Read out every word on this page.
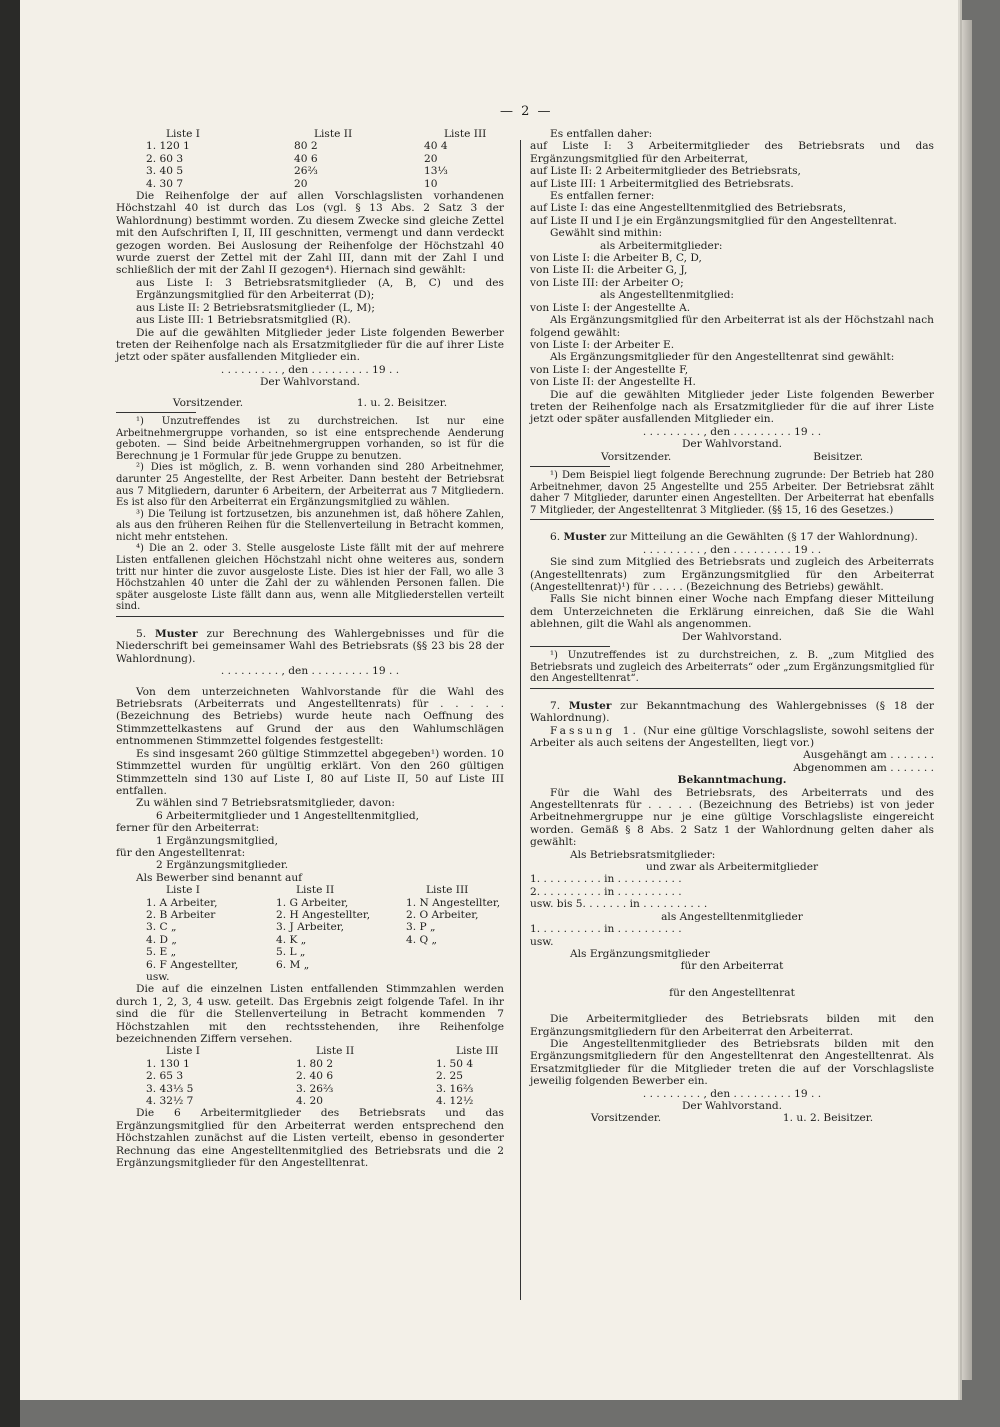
— 2 —
Liste I	Liste II	Liste III
1. 120 1	80 2	40 4
2. 60 3	40 6	20
3. 40 5	26⅔	13⅓
4. 30 7	20	10

Die Reihenfolge der auf allen Vorschlagslisten vorhandenen Höchstzahl 40 ist durch das Los (vgl. § 13 Abs. 2 Satz 3 der Wahlordnung) bestimmt worden. Zu diesem Zwecke sind gleiche Zettel mit den Aufschriften I, II, III geschnitten, vermengt und dann verdeckt gezogen worden. Bei Auslosung der Reihenfolge der Höchstzahl 40 wurde zuerst der Zettel mit der Zahl III, dann mit der Zahl I und schließlich der mit der Zahl II gezogen⁴). Hiernach sind gewählt:

aus Liste I: 3 Betriebsratsmitglieder (A, B, C) und des Ergänzungsmitglied für den Arbeiterrat (D);

aus Liste II: 2 Betriebsratsmitglieder (L, M);

aus Liste III: 1 Betriebsratsmitglied (R).

Die auf die gewählten Mitglieder jeder Liste folgenden Bewerber treten der Reihenfolge nach als Ersatzmitglieder für die auf ihrer Liste jetzt oder später ausfallenden Mitglieder ein.

. . . . . . . . . , den . . . . . . . . . 19 . .

Der Wahlvorstand.

Vorsitzender.	1. u. 2. Beisitzer.

¹) Unzutreffendes ist zu durchstreichen. Ist nur eine Arbeitnehmergruppe vorhanden, so ist eine entsprechende Aenderung geboten. — Sind beide Arbeitnehmergruppen vorhanden, so ist für die Berechnung je 1 Formular für jede Gruppe zu benutzen.

²) Dies ist möglich, z. B. wenn vorhanden sind 280 Arbeitnehmer, darunter 25 Angestellte, der Rest Arbeiter. Dann besteht der Betriebsrat aus 7 Mitgliedern, darunter 6 Arbeitern, der Arbeiterrat aus 7 Mitgliedern. Es ist also für den Arbeiterrat ein Ergänzungsmitglied zu wählen.

³) Die Teilung ist fortzusetzen, bis anzunehmen ist, daß höhere Zahlen, als aus den früheren Reihen für die Stellenverteilung in Betracht kommen, nicht mehr entstehen.

⁴) Die an 2. oder 3. Stelle ausgeloste Liste fällt mit der auf mehrere Listen entfallenen gleichen Höchstzahl nicht ohne weiteres aus, sondern tritt nur hinter die zuvor ausgeloste Liste. Dies ist hier der Fall, wo alle 3 Höchstzahlen 40 unter die Zahl der zu wählenden Personen fallen. Die später ausgeloste Liste fällt dann aus, wenn alle Mitgliederstellen verteilt sind.

5. Muster zur Berechnung des Wahlergebnisses und für die Niederschrift bei gemeinsamer Wahl des Betriebsrats (§§ 23 bis 28 der Wahlordnung).

. . . . . . . . . , den . . . . . . . . . 19 . .

Von dem unterzeichneten Wahlvorstande für die Wahl des Betriebsrats (Arbeiterrats und Angestelltenrats) für . . . . . (Bezeichnung des Betriebs) wurde heute nach Oeffnung des Stimmzettelkastens auf Grund der aus den Wahlumschlägen entnommenen Stimmzettel folgendes festgestellt:

Es sind insgesamt 260 gültige Stimmzettel abgegeben¹) worden. 10 Stimmzettel wurden für ungültig erklärt. Von den 260 gültigen Stimmzetteln sind 130 auf Liste I, 80 auf Liste II, 50 auf Liste III entfallen.

Zu wählen sind 7 Betriebsratsmitglieder, davon:

6 Arbeitermitglieder und 1 Angestelltenmitglied,

ferner für den Arbeiterrat:

1 Ergänzungsmitglied,

für den Angestelltenrat:

2 Ergänzungsmitglieder.

Als Bewerber sind benannt auf

Liste I	Liste II	Liste III
1. A Arbeiter,	1. G Arbeiter,	1. N Angestellter,
2. B Arbeiter	2. H Angestellter,	2. O Arbeiter,
3. C „	3. J Arbeiter,	3. P „
4. D „	4. K „	4. Q „
5. E „	5. L „
6. F Angestellter,	6. M „
usw.

Die auf die einzelnen Listen entfallenden Stimmzahlen werden durch 1, 2, 3, 4 usw. geteilt. Das Ergebnis zeigt folgende Tafel. In ihr sind die für die Stellenverteilung in Betracht kommenden 7 Höchstzahlen mit den rechtsstehenden, ihre Reihenfolge bezeichnenden Ziffern versehen.

Liste I	Liste II	Liste III
1. 130 1	1. 80 2	1. 50 4
2. 65 3	2. 40 6	2. 25
3. 43⅓ 5	3. 26⅔	3. 16⅔
4. 32½ 7	4. 20	4. 12½

Die 6 Arbeitermitglieder des Betriebsrats und das Ergänzungsmitglied für den Arbeiterrat werden entsprechend den Höchstzahlen zunächst auf die Listen verteilt, ebenso in gesonderter Rechnung das eine Angestelltenmitglied des Betriebsrats und die 2 Ergänzungsmitglieder für den Angestelltenrat.

Es entfallen daher:

auf Liste I: 3 Arbeitermitglieder des Betriebsrats und das Ergänzungsmitglied für den Arbeiterrat,

auf Liste II: 2 Arbeitermitglieder des Betriebsrats,

auf Liste III: 1 Arbeitermitglied des Betriebsrats.

Es entfallen ferner:

auf Liste I: das eine Angestelltenmitglied des Betriebsrats,

auf Liste II und I je ein Ergänzungsmitglied für den Angestelltenrat.

Gewählt sind mithin:

als Arbeitermitglieder:

von Liste I: die Arbeiter B, C, D,

von Liste II: die Arbeiter G, J,

von Liste III: der Arbeiter O;

als Angestelltenmitglied:

von Liste I: der Angestellte A.

Als Ergänzungsmitglied für den Arbeiterrat ist als der Höchstzahl nach folgend gewählt:

von Liste I: der Arbeiter E.

Als Ergänzungsmitglieder für den Angestelltenrat sind gewählt:

von Liste I: der Angestellte F,

von Liste II: der Angestellte H.

Die auf die gewählten Mitglieder jeder Liste folgenden Bewerber treten der Reihenfolge nach als Ersatzmitglieder für die auf ihrer Liste jetzt oder später ausfallenden Mitglieder ein.

. . . . . . . . . , den . . . . . . . . . 19 . .

Der Wahlvorstand.

Vorsitzender.	Beisitzer.

¹) Dem Beispiel liegt folgende Berechnung zugrunde: Der Betrieb hat 280 Arbeitnehmer, davon 25 Angestellte und 255 Arbeiter. Der Betriebsrat zählt daher 7 Mitglieder, darunter einen Angestellten. Der Arbeiterrat hat ebenfalls 7 Mitglieder, der Angestelltenrat 3 Mitglieder. (§§ 15, 16 des Gesetzes.)

6. Muster zur Mitteilung an die Gewählten (§ 17 der Wahlordnung).

. . . . . . . . . , den . . . . . . . . . 19 . .

Sie sind zum Mitglied des Betriebsrats und zugleich des Arbeiterrats (Angestelltenrats) zum Ergänzungsmitglied für den Arbeiterrat (Angestelltenrat)¹) für . . . . . (Bezeichnung des Betriebs) gewählt.

Falls Sie nicht binnen einer Woche nach Empfang dieser Mitteilung dem Unterzeichneten die Erklärung einreichen, daß Sie die Wahl ablehnen, gilt die Wahl als angenommen.

Der Wahlvorstand.

¹) Unzutreffendes ist zu durchstreichen, z. B. „zum Mitglied des Betriebsrats und zugleich des Arbeiterrats“ oder „zum Ergänzungsmitglied für den Angestelltenrat“.

7. Muster zur Bekanntmachung des Wahlergebnisses (§ 18 der Wahlordnung).

Fassung 1. (Nur eine gültige Vorschlagsliste, sowohl seitens der Arbeiter als auch seitens der Angestellten, liegt vor.)

Ausgehängt am . . . . . . .

Abgenommen am . . . . . . .

Bekanntmachung.

Für die Wahl des Betriebsrats, des Arbeiterrats und des Angestelltenrats für . . . . . (Bezeichnung des Betriebs) ist von jeder Arbeitnehmergruppe nur je eine gültige Vorschlagsliste eingereicht worden. Gemäß § 8 Abs. 2 Satz 1 der Wahlordnung gelten daher als gewählt:

Als Betriebsratsmitglieder:

und zwar als Arbeitermitglieder

1. . . . . . . . . . in . . . . . . . . . .

2. . . . . . . . . . in . . . . . . . . . .

usw. bis 5. . . . . . . in . . . . . . . . . .

als Angestelltenmitglieder

1. . . . . . . . . . in . . . . . . . . . .

usw.

Als Ergänzungsmitglieder

für den Arbeiterrat

für den Angestelltenrat

Die Arbeitermitglieder des Betriebsrats bilden mit den Ergänzungsmitgliedern für den Arbeiterrat den Arbeiterrat.

Die Angestelltenmitglieder des Betriebsrats bilden mit den Ergänzungsmitgliedern für den Angestelltenrat den Angestelltenrat. Als Ersatzmitglieder für die Mitglieder treten die auf der Vorschlagsliste jeweilig folgenden Bewerber ein.

. . . . . . . . . , den . . . . . . . . . 19 . .

Der Wahlvorstand.

Vorsitzender.	1. u. 2. Beisitzer.
